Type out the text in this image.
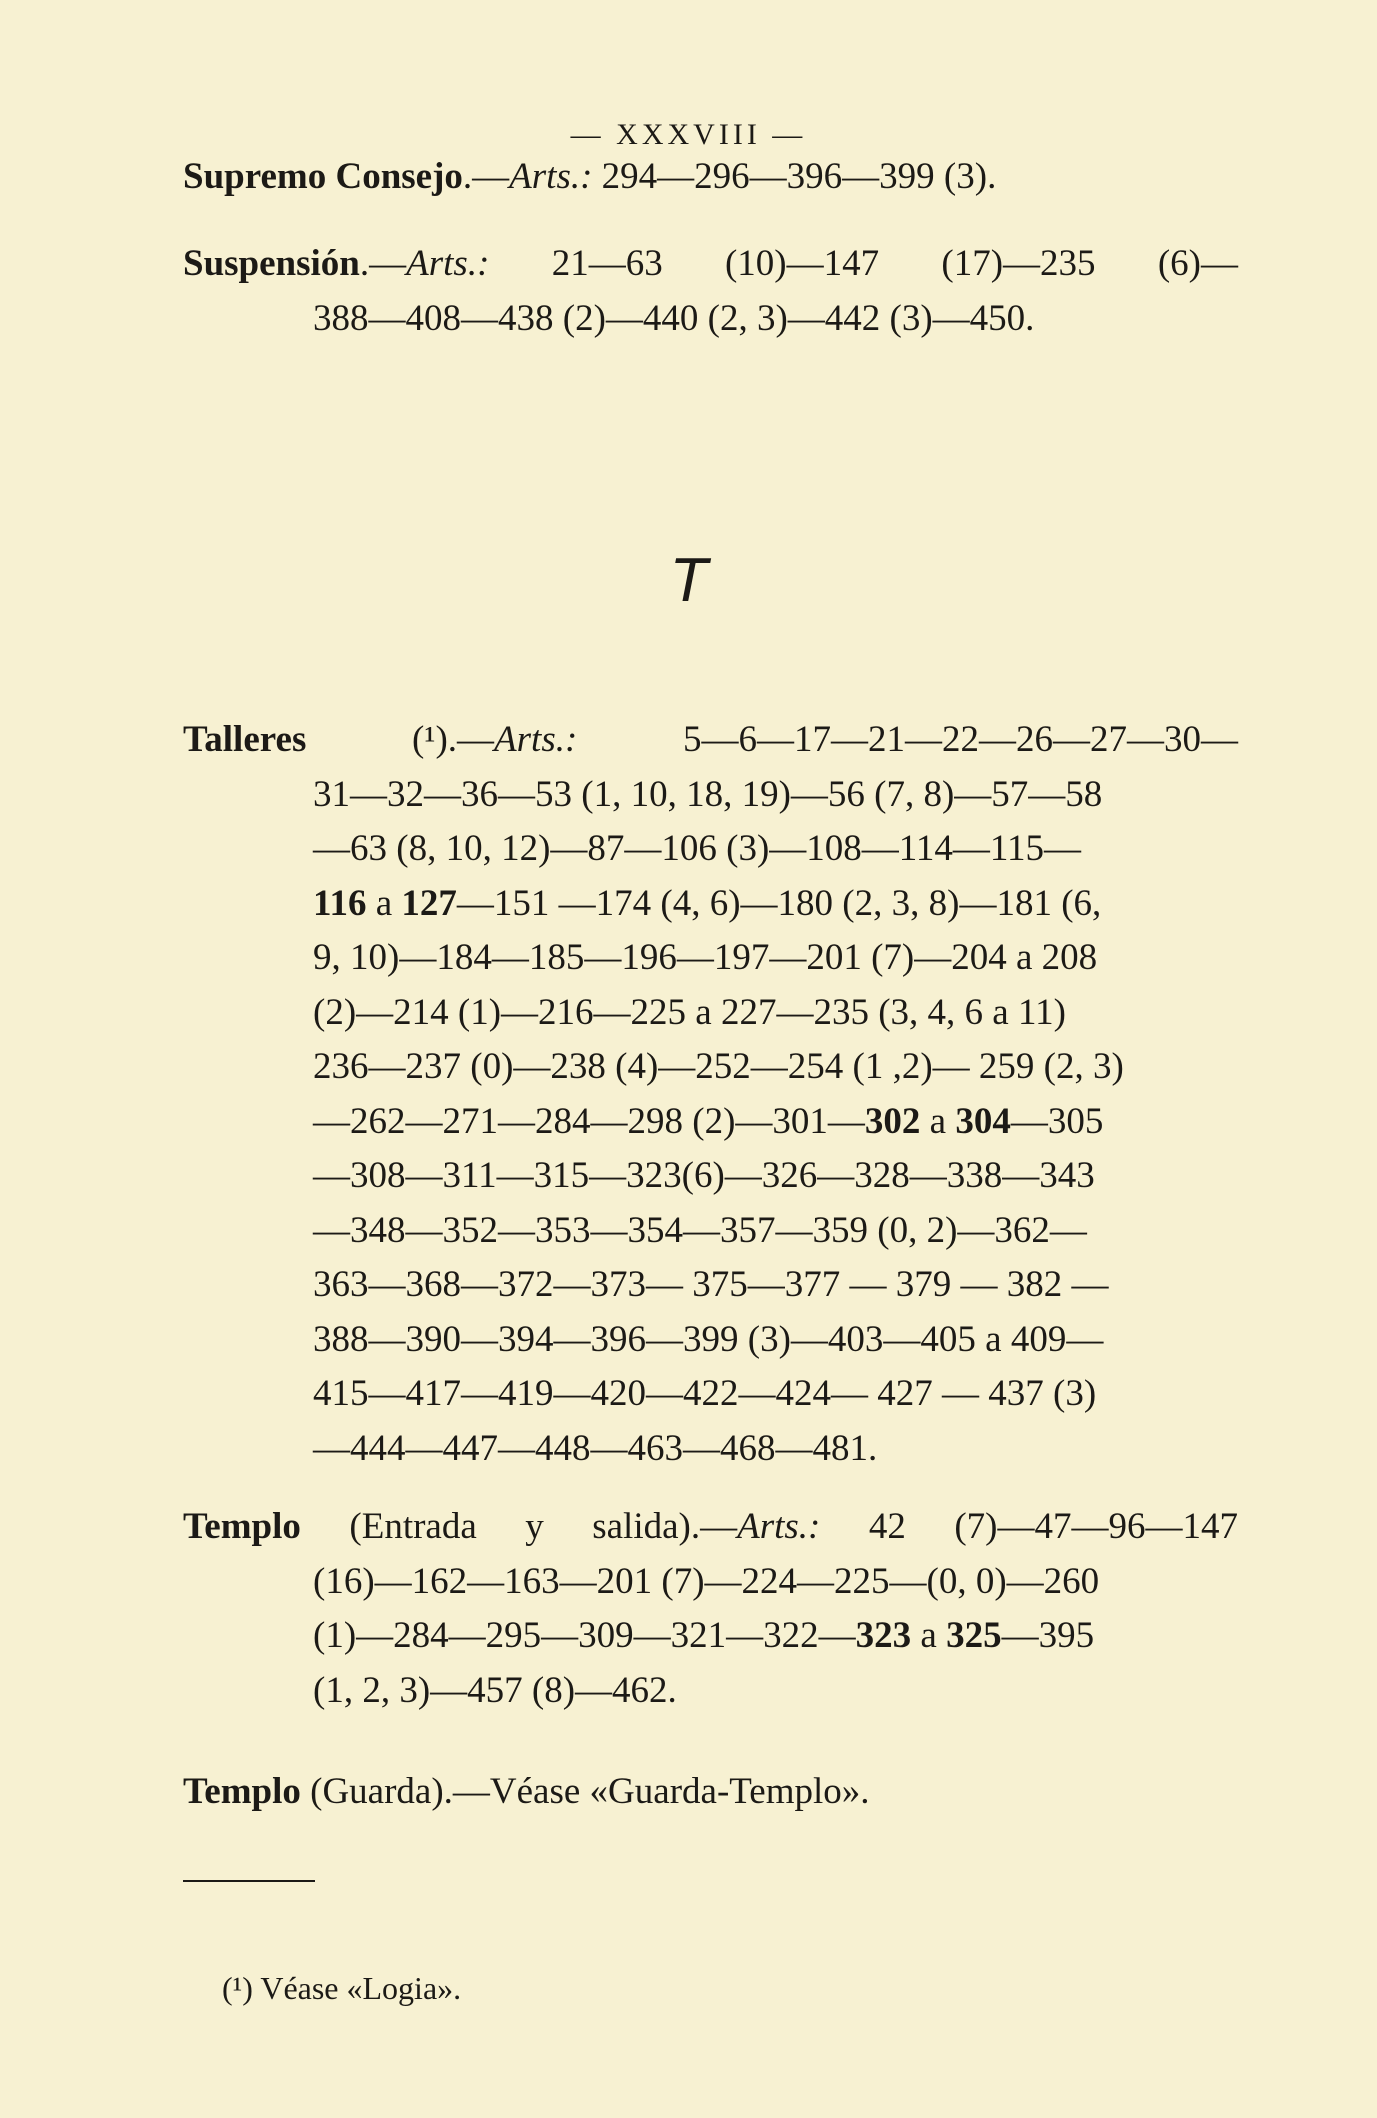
— XXXVIII —
Supremo Consejo.—Arts.: 294—296—396—399 (3).
Suspensión.—Arts.: 21—63 (10)—147 (17)—235 (6)—
388—408—438 (2)—440 (2, 3)—442 (3)—450.
T
Talleres	(¹).—Arts.:	5—6—17—21—22—26—27—30—
31—32—36—53 (1, 10, 18, 19)—56 (7, 8)—57—58
—63 (8, 10, 12)—87—106 (3)—108—114—115—
116 a 127—151 —174 (4, 6)—180 (2, 3, 8)—181 (6,
9, 10)—184—185—196—197—201 (7)—204 a 208
(2)—214 (1)—216—225 a 227—235 (3, 4, 6 a 11)
236—237 (0)—238 (4)—252—254 (1 ,2)— 259 (2, 3)
—262—271—284—298 (2)—301—302 a 304—305
—308—311—315—323(6)—326—328—338—343
—348—352—353—354—357—359 (0, 2)—362—
363—368—372—373— 375—377 — 379 — 382 —
388—390—394—396—399 (3)—403—405 a 409—
415—417—419—420—422—424— 427 — 437 (3)
—444—447—448—463—468—481.
Templo (Entrada y salida).—Arts.: 42 (7)—47—96—147
(16)—162—163—201 (7)—224—225—(0, 0)—260
(1)—284—295—309—321—322—323 a 325—395
(1, 2, 3)—457 (8)—462.
Templo (Guarda).—Véase «Guarda-Templo».
(¹) Véase «Logia».
